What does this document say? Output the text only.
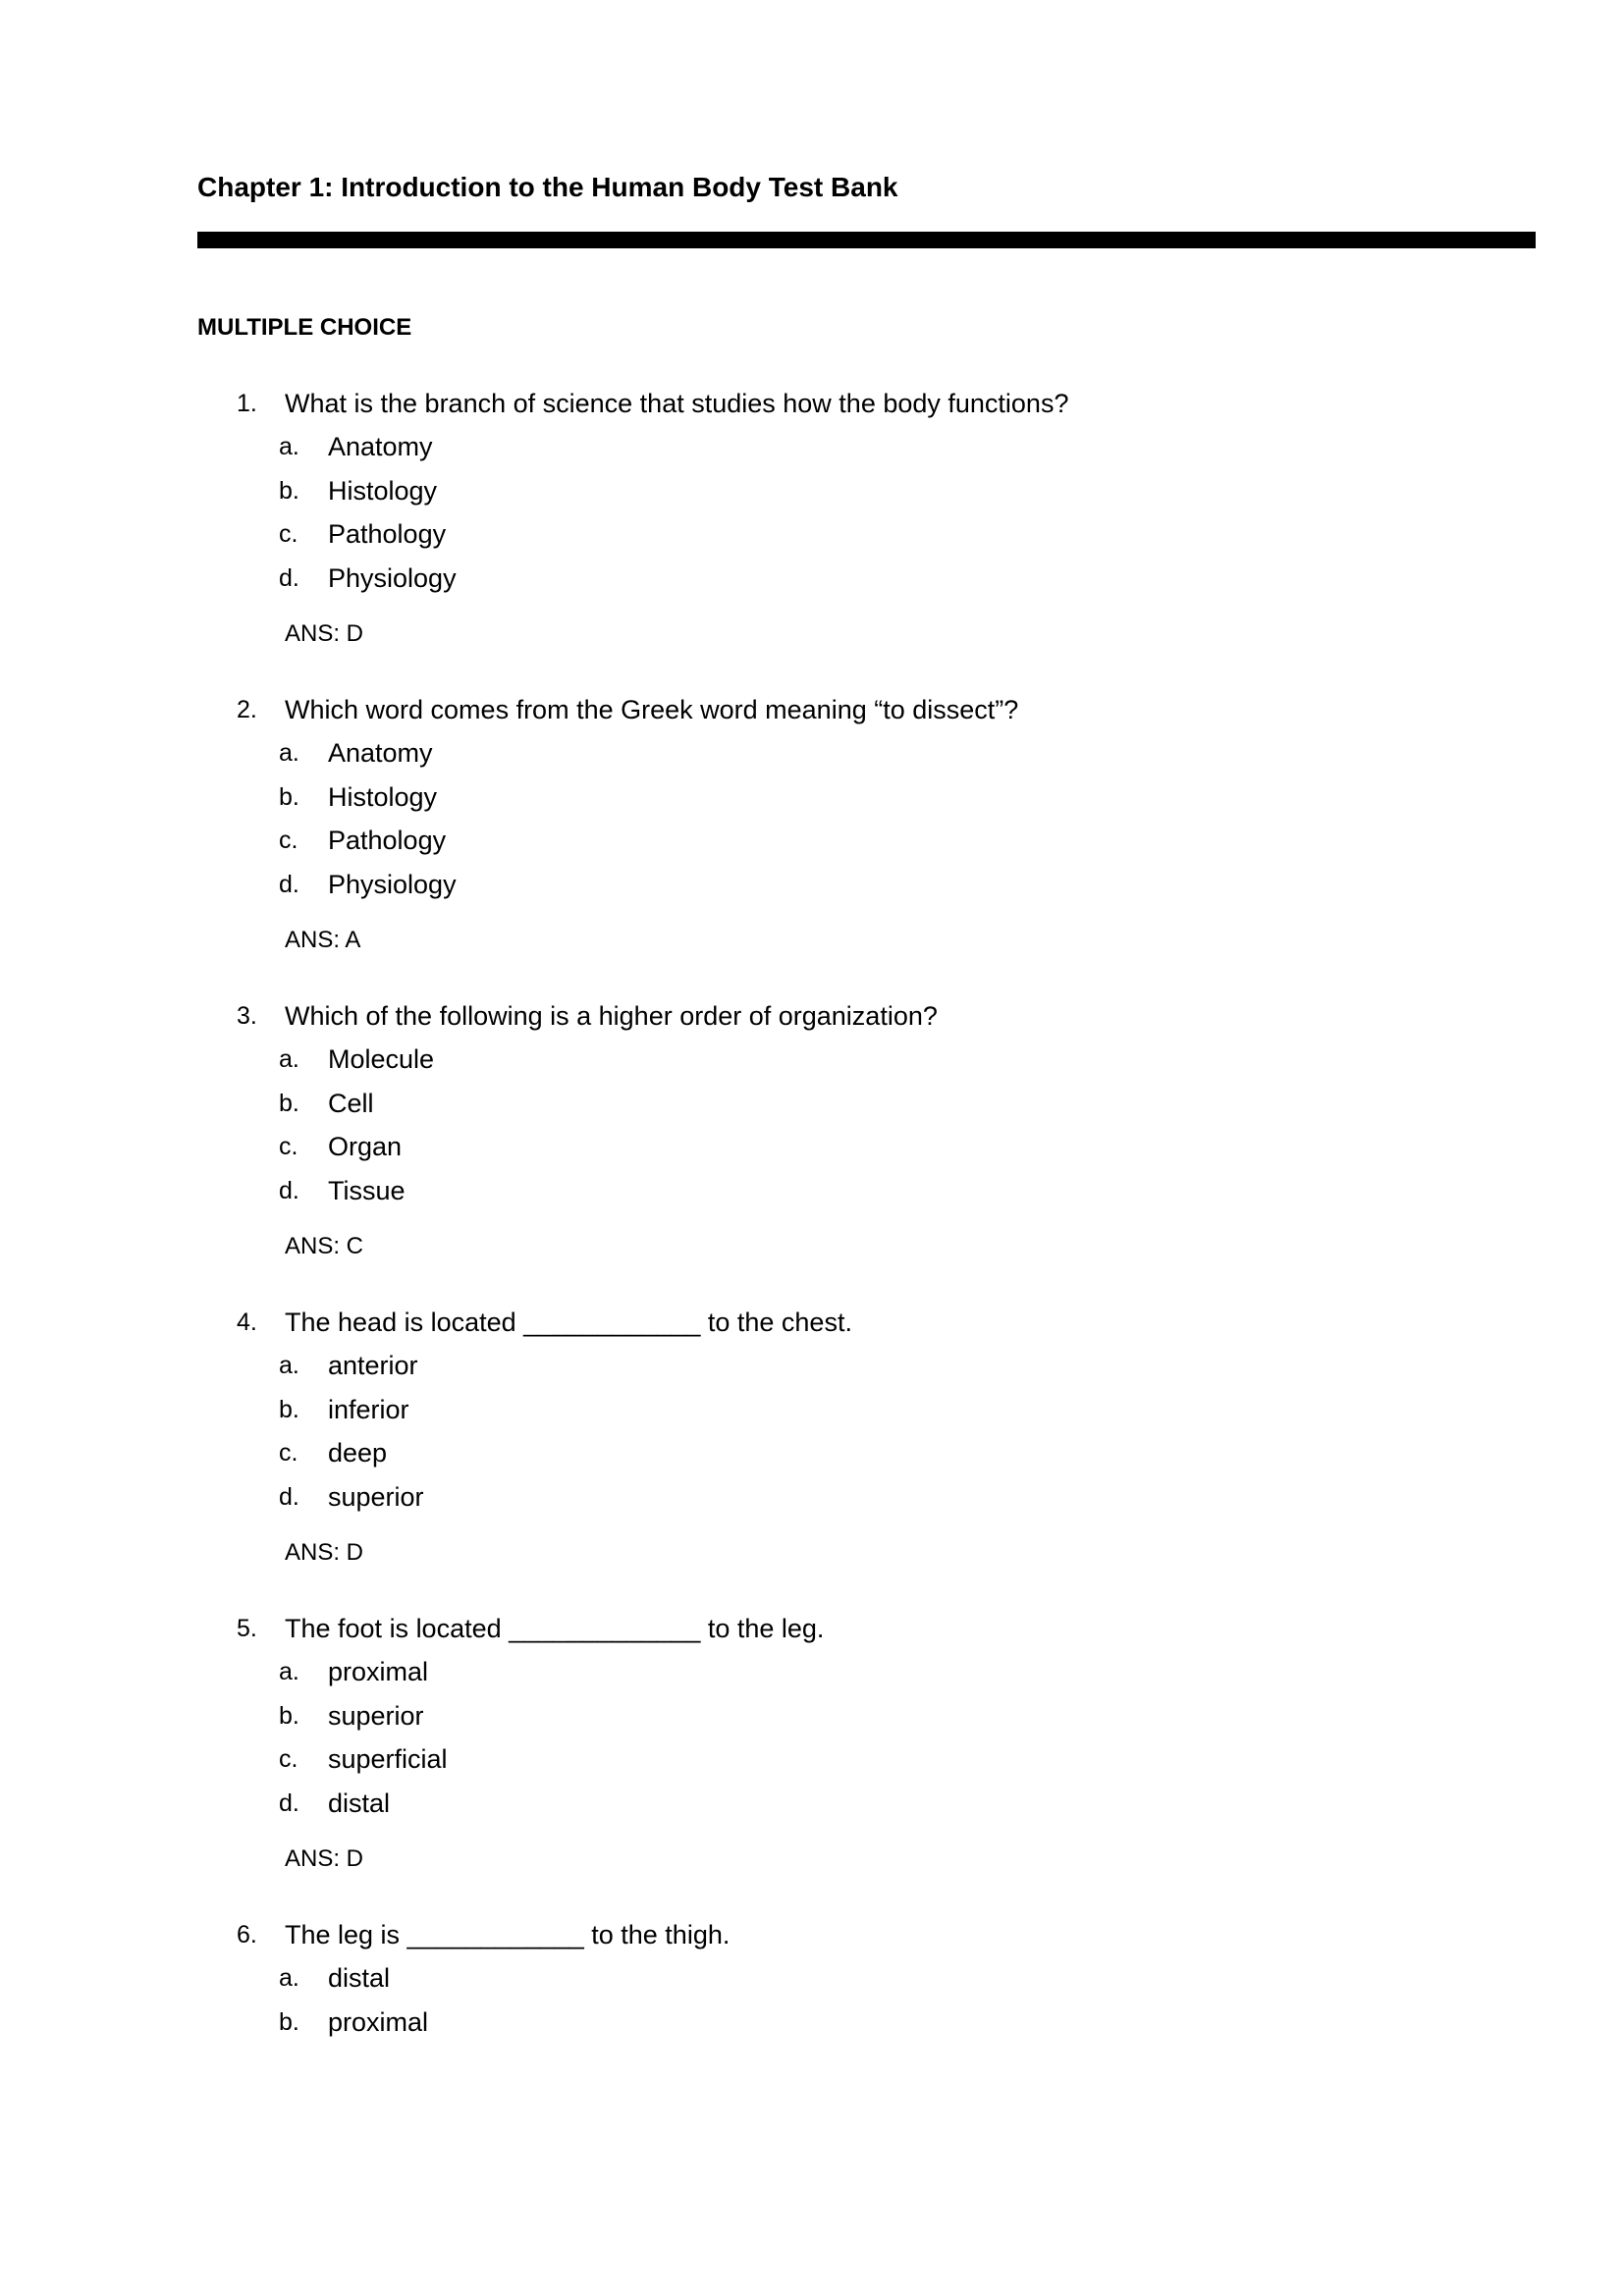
Chapter 1: Introduction to the Human Body Test Bank
MULTIPLE CHOICE
1. What is the branch of science that studies how the body functions?
a. Anatomy
b. Histology
c. Pathology
d. Physiology
ANS: D
2. Which word comes from the Greek word meaning “to dissect”?
a. Anatomy
b. Histology
c. Pathology
d. Physiology
ANS: A
3. Which of the following is a higher order of organization?
a. Molecule
b. Cell
c. Organ
d. Tissue
ANS: C
4. The head is located ____________ to the chest.
a. anterior
b. inferior
c. deep
d. superior
ANS: D
5. The foot is located _____________ to the leg.
a. proximal
b. superior
c. superficial
d. distal
ANS: D
6. The leg is ____________ to the thigh.
a. distal
b. proximal
